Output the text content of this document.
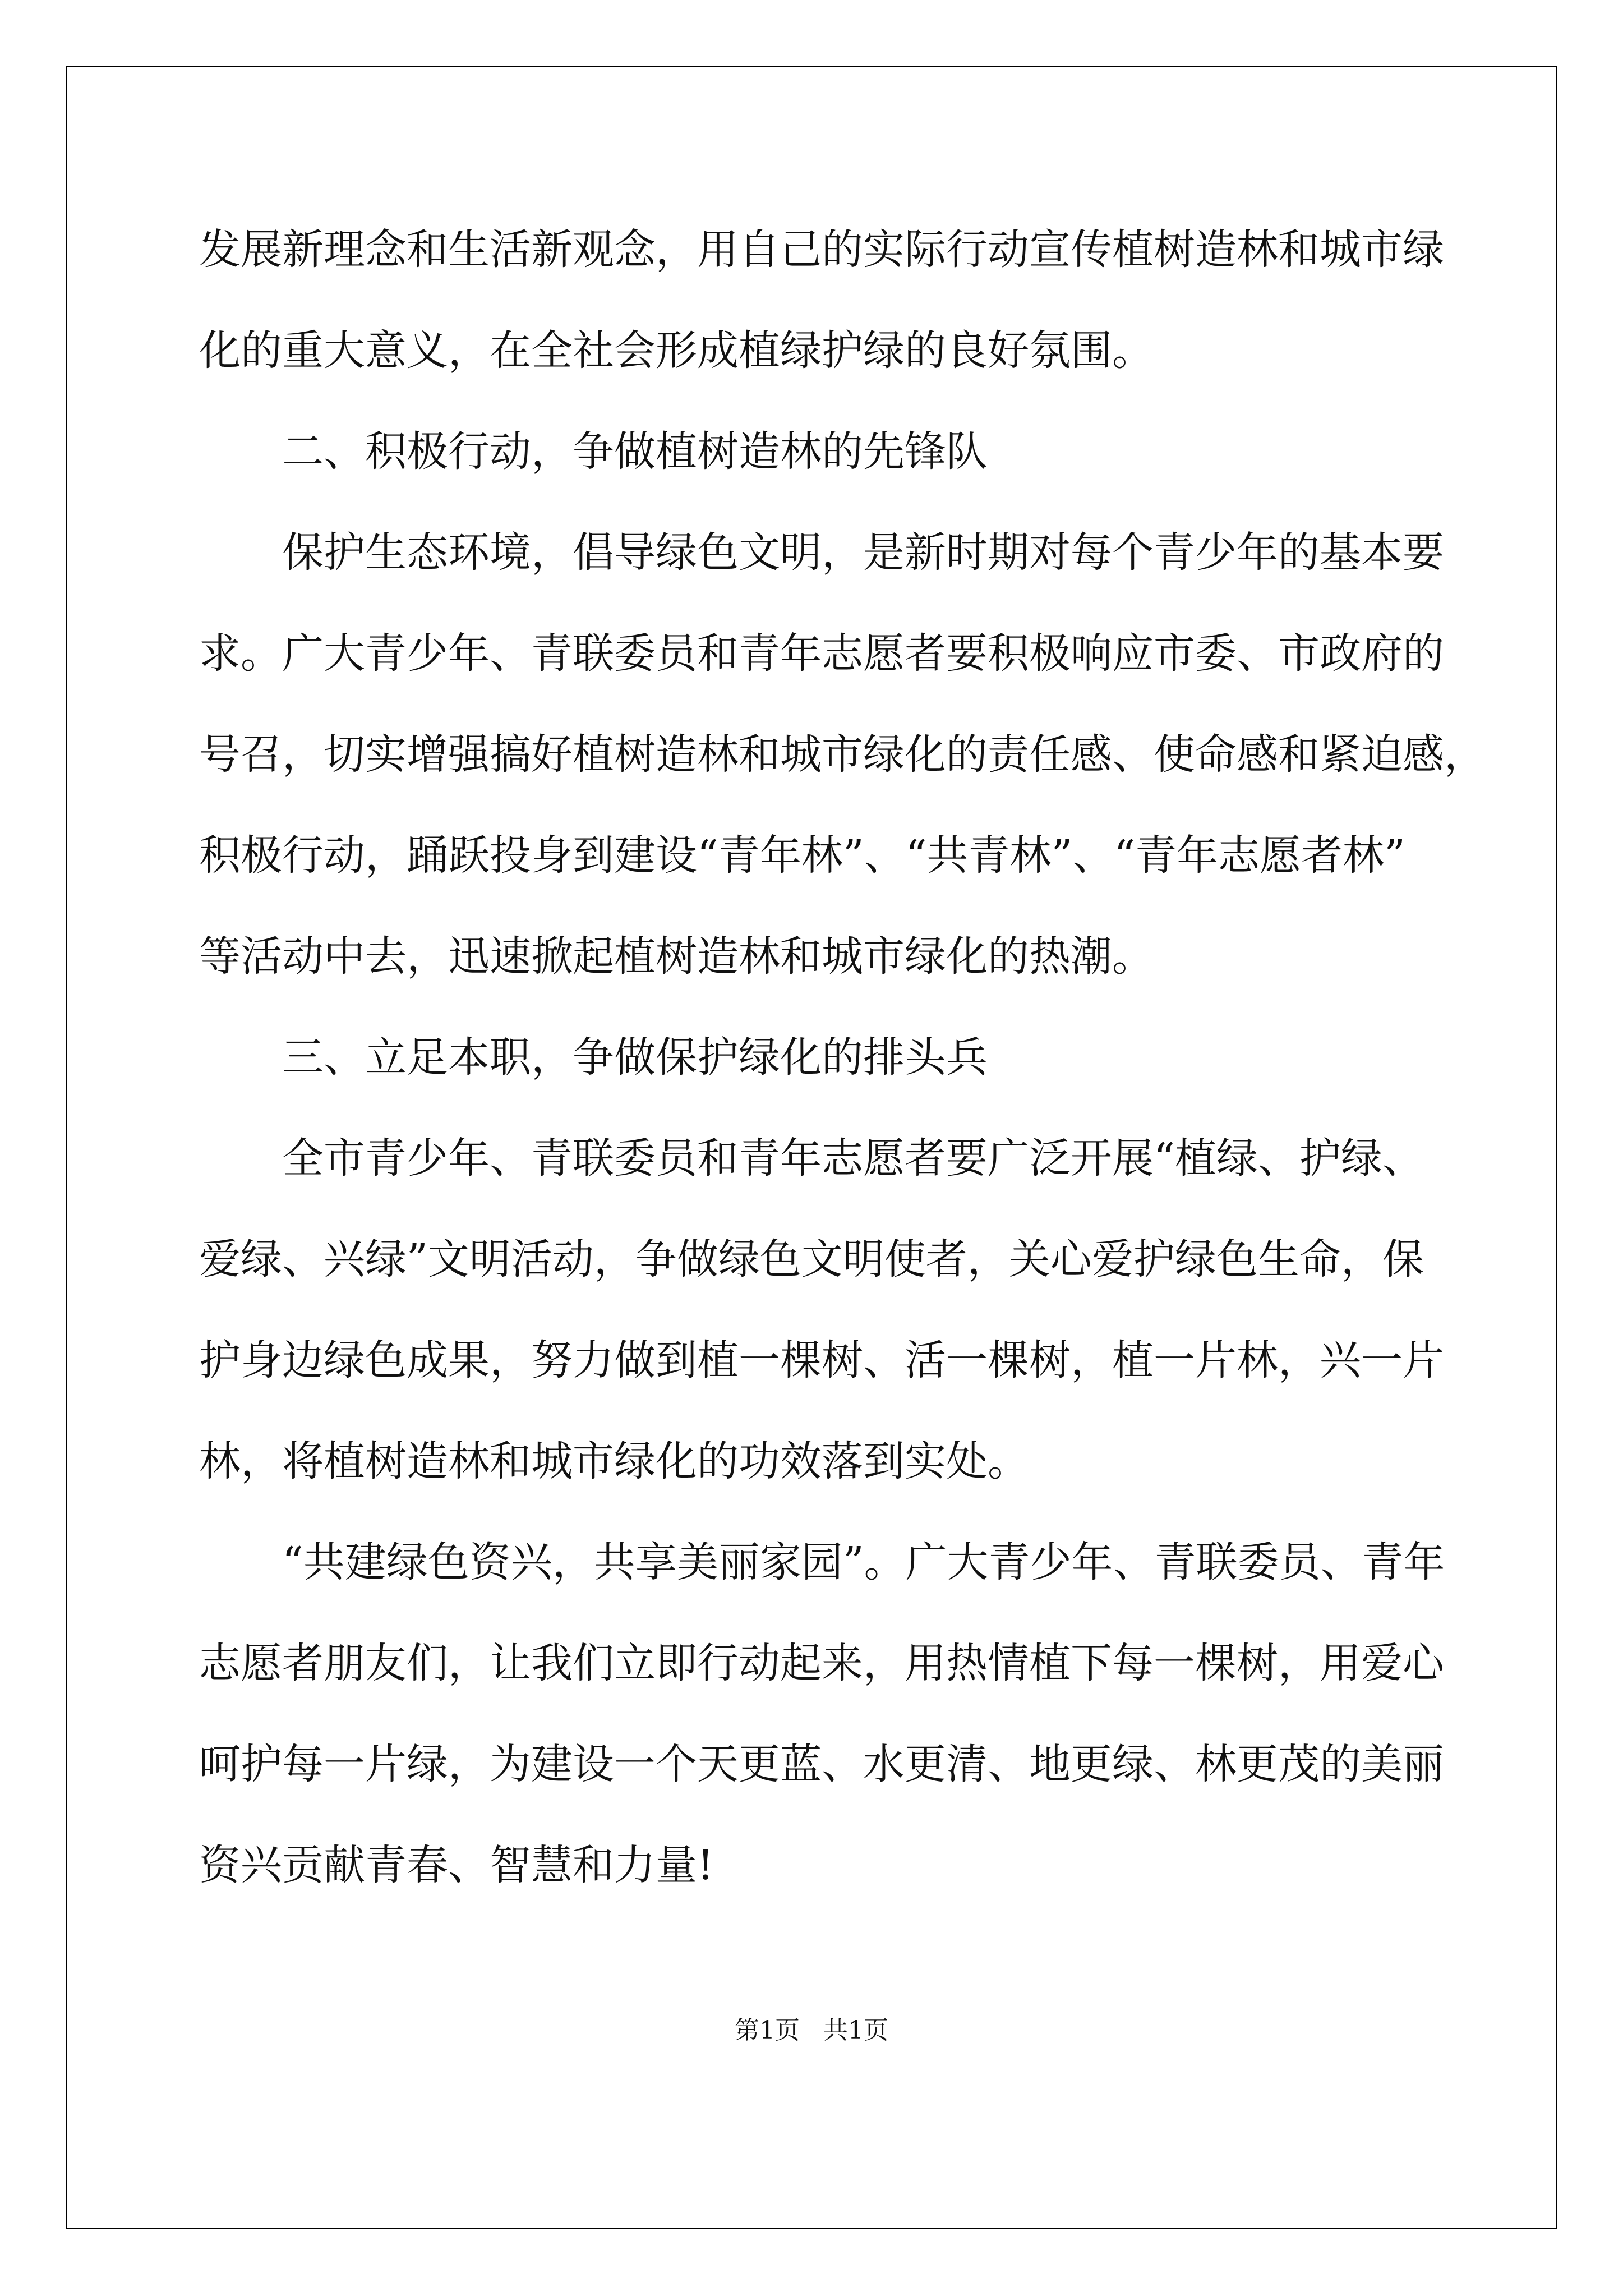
发展新理念和生活新观念，用自己的实际行动宣传植树造林和城市绿

化的重大意义，在全社会形成植绿护绿的良好氛围。

二、积极行动，争做植树造林的先锋队

保护生态环境，倡导绿色文明，是新时期对每个青少年的基本要

求。广大青少年、青联委员和青年志愿者要积极响应市委、市政府的

号召，切实增强搞好植树造林和城市绿化的责任感、使命感和紧迫感，

积极行动，踊跃投身到建设“青年林”、“共青林”、“青年志愿者林”

等活动中去，迅速掀起植树造林和城市绿化的热潮。

三、立足本职，争做保护绿化的排头兵

全市青少年、青联委员和青年志愿者要广泛开展“植绿、护绿、

爱绿、兴绿”文明活动，争做绿色文明使者，关心爱护绿色生命，保

护身边绿色成果，努力做到植一棵树、活一棵树，植一片林，兴一片

林，将植树造林和城市绿化的功效落到实处。

“共建绿色资兴，共享美丽家园”。广大青少年、青联委员、青年

志愿者朋友们，让我们立即行动起来，用热情植下每一棵树，用爱心

呵护每一片绿，为建设一个天更蓝、水更清、地更绿、林更茂的美丽

资兴贡献青春、智慧和力量!

第1页   共1页
